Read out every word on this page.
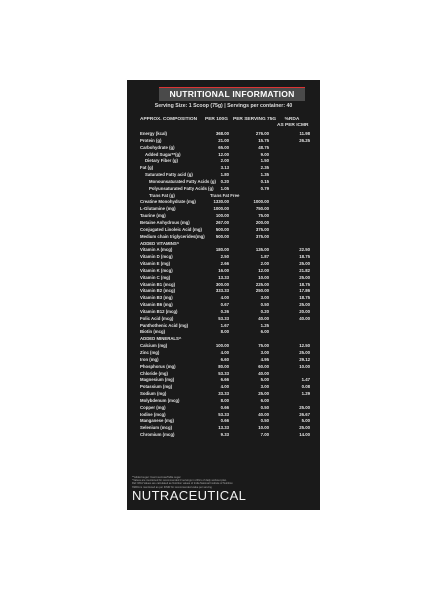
NUTRITIONAL INFORMATION
Serving Size: 1 Scoop (75g) | Servings per container: 40
APPROX. COMPOSITION PER 100G PER SERVING 75G	%RDA
AS PER ICMR
Energy (kcal)	368.00	276.00	11.98
Protein (g)	21.00	15.75	26.25
Carbohydrate (g)	65.00	48.75
Added Sugar**(g)	12.00	9.00
Dietary Fiber (g)	2.00	1.50
Fat (g)	3.13	2.35
Saturated Fatty acid (g)	1.80	1.35
Monounsaturated Fatty Acids (g)	0.20	0.15
Polyunsaturated Fatty Acids (g)	1.05	0.79
Trans Fat (g)	Trans Fat Free
Creatine Monohydrate (mg)	1330.00	1000.00
L-Glutamine (mg)	1000.00	750.00
Taurine (mg)	100.00	75.00
Betaine Anhydrous (mg)	267.00	200.00
Conjugated Linoleic Acid (mg)	500.00	375.00
Medium chain triglycerides(mg)	500.00	375.00
ADDED VITAMINS^
Vitamin A (mcg)	180.00	135.00	22.50
Vitamin D (mcg)	2.50	1.87	18.75
Vitamin E (mg)	2.66	2.00	25.00
Vitamin K (mcg)	16.00	12.00	21.82
Vitamin C (mg)	13.33	10.00	25.00
Vitamin B1 (mcg)	300.00	225.00	18.75
Vitamin B2 (mcg)	333.33	250.00	17.86
Vitamin B3 (mg)	4.00	3.00	18.75
Vitamin B6 (mg)	0.67	0.50	25.00
Vitamin B12 (mcg)	0.26	0.20	20.00
Folic Acid (mcg)	53.33	40.00	40.00
Panthothenic Acid (mg)	1.67	1.25
Biotin (mcg)	8.00	6.00
ADDED MINERALS^
Calcium (mg)	100.00	75.00	12.50
Zinc (mg)	4.00	3.00	25.00
Iron (mg)	6.60	4.95	29.12
Phosphorus (mg)	80.00	60.00	10.00
Chloride (mg)	53.33	40.00
Magnesium (mg)	6.66	5.00	1.47
Potassium (mg)	4.00	3.00	0.08
Sodium (mg)	33.33	25.00	1.29
Molybdenum (mcg)	8.00	6.00
Copper (mg)	0.66	0.50	25.00
Iodine (mcg)	53.33	40.00	26.67
Manganese (mg)	0.66	0.50	5.00
Selenium (mcg)	13.33	10.00	25.00
Chromium (mcg)	9.33	7.00	14.00
**Added sugar: Invert sucrose/Table sugar
^Values are mentioned for recommended 3 servings in 24hrs of daily workout plan.
Ref: RDA Values are calculated as Nutrition values of India National Institute of Nutrition
%RDA is mentioned as per ICMR for recommended value per serving
NUTRACEUTICAL
